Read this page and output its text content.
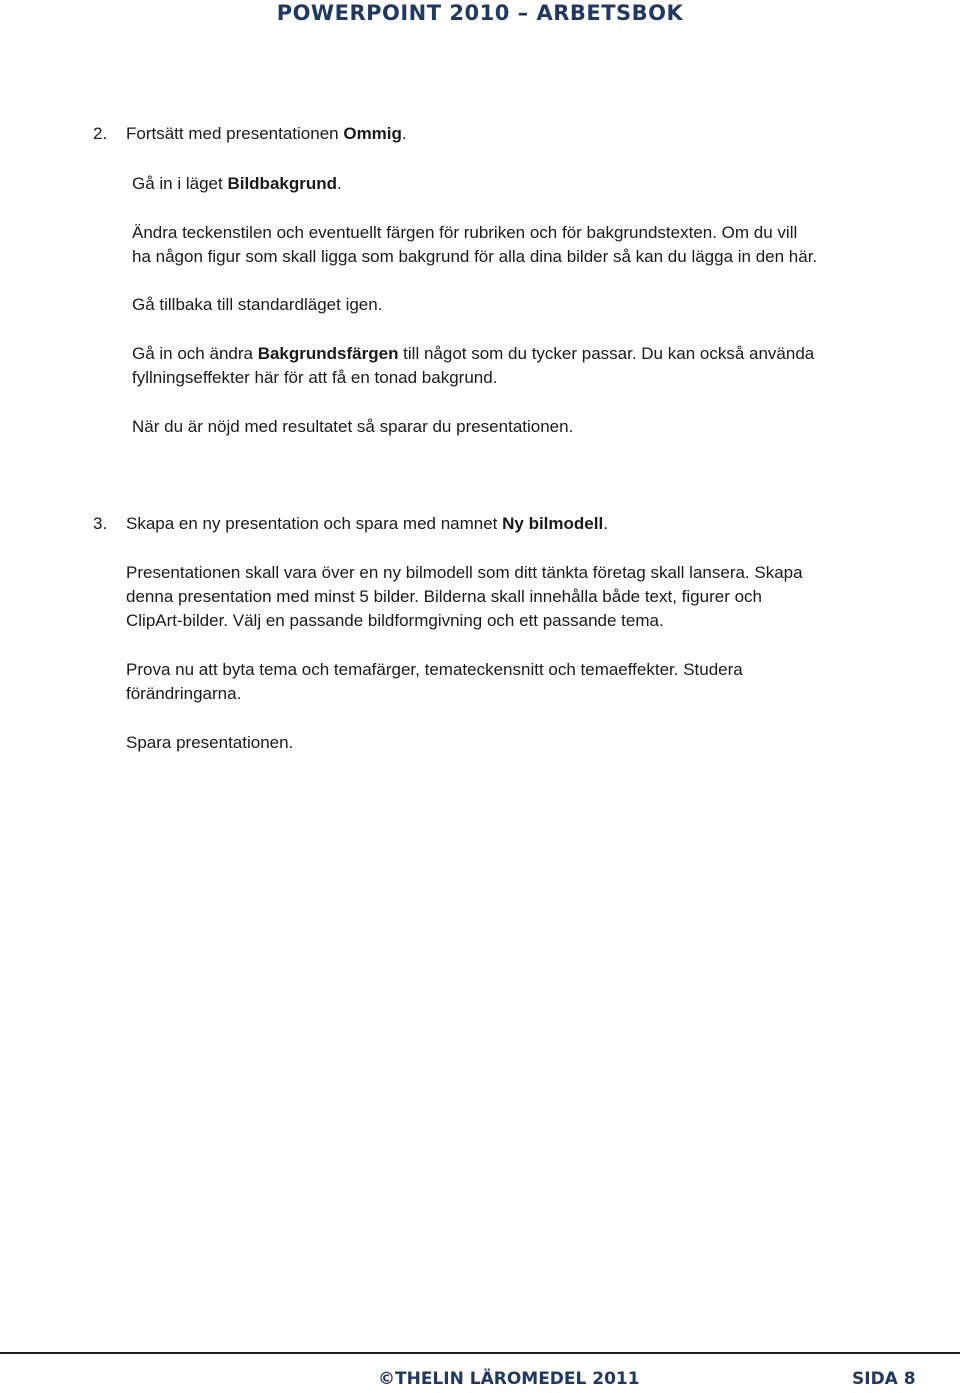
POWERPOINT 2010 – ARBETSBOK
2. Fortsätt med presentationen Ommig.
Gå in i läget Bildbakgrund.
Ändra teckenstilen och eventuellt färgen för rubriken och för bakgrundstexten. Om du vill
ha någon figur som skall ligga som bakgrund för alla dina bilder så kan du lägga in den här.
Gå tillbaka till standardläget igen.
Gå in och ändra Bakgrundsfärgen till något som du tycker passar. Du kan också använda
fyllningseffekter här för att få en tonad bakgrund.
När du är nöjd med resultatet så sparar du presentationen.
3. Skapa en ny presentation och spara med namnet Ny bilmodell.
Presentationen skall vara över en ny bilmodell som ditt tänkta företag skall lansera. Skapa
denna presentation med minst 5 bilder. Bilderna skall innehålla både text, figurer och
ClipArt-bilder. Välj en passande bildformgivning och ett passande tema.
Prova nu att byta tema och temafärger, temateckensnitt och temaeffekter. Studera
förändringarna.
Spara presentationen.
©THELIN LÄROMEDEL 2011	SIDA 8
